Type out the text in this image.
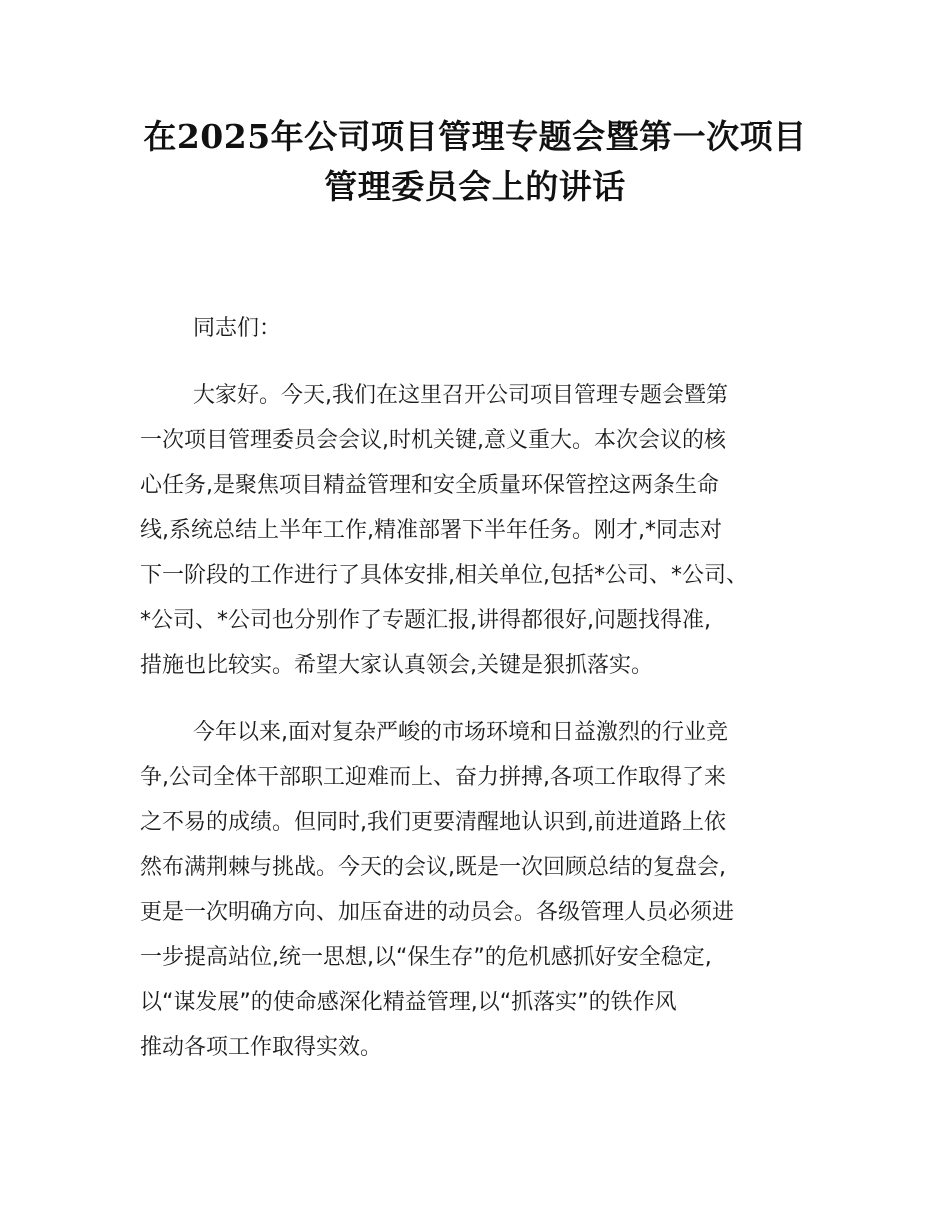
在2025年公司项目管理专题会暨第一次项目
管理委员会上的讲话

同志们：

大家好。今天,我们在这里召开公司项目管理专题会暨第
一次项目管理委员会会议,时机关键,意义重大。本次会议的核
心任务,是聚焦项目精益管理和安全质量环保管控这两条生命
线,系统总结上半年工作,精准部署下半年任务。刚才,*同志对
下一阶段的工作进行了具体安排,相关单位,包括*公司、*公司、
*公司、*公司也分别作了专题汇报,讲得都很好,问题找得准,
措施也比较实。希望大家认真领会,关键是狠抓落实。

今年以来,面对复杂严峻的市场环境和日益激烈的行业竞
争,公司全体干部职工迎难而上、奋力拼搏,各项工作取得了来
之不易的成绩。但同时,我们更要清醒地认识到,前进道路上依
然布满荆棘与挑战。今天的会议,既是一次回顾总结的复盘会,
更是一次明确方向、加压奋进的动员会。各级管理人员必须进
一步提高站位,统一思想,以“保生存”的危机感抓好安全稳定,
以“谋发展”的使命感深化精益管理,以“抓落实”的铁作风
推动各项工作取得实效。
